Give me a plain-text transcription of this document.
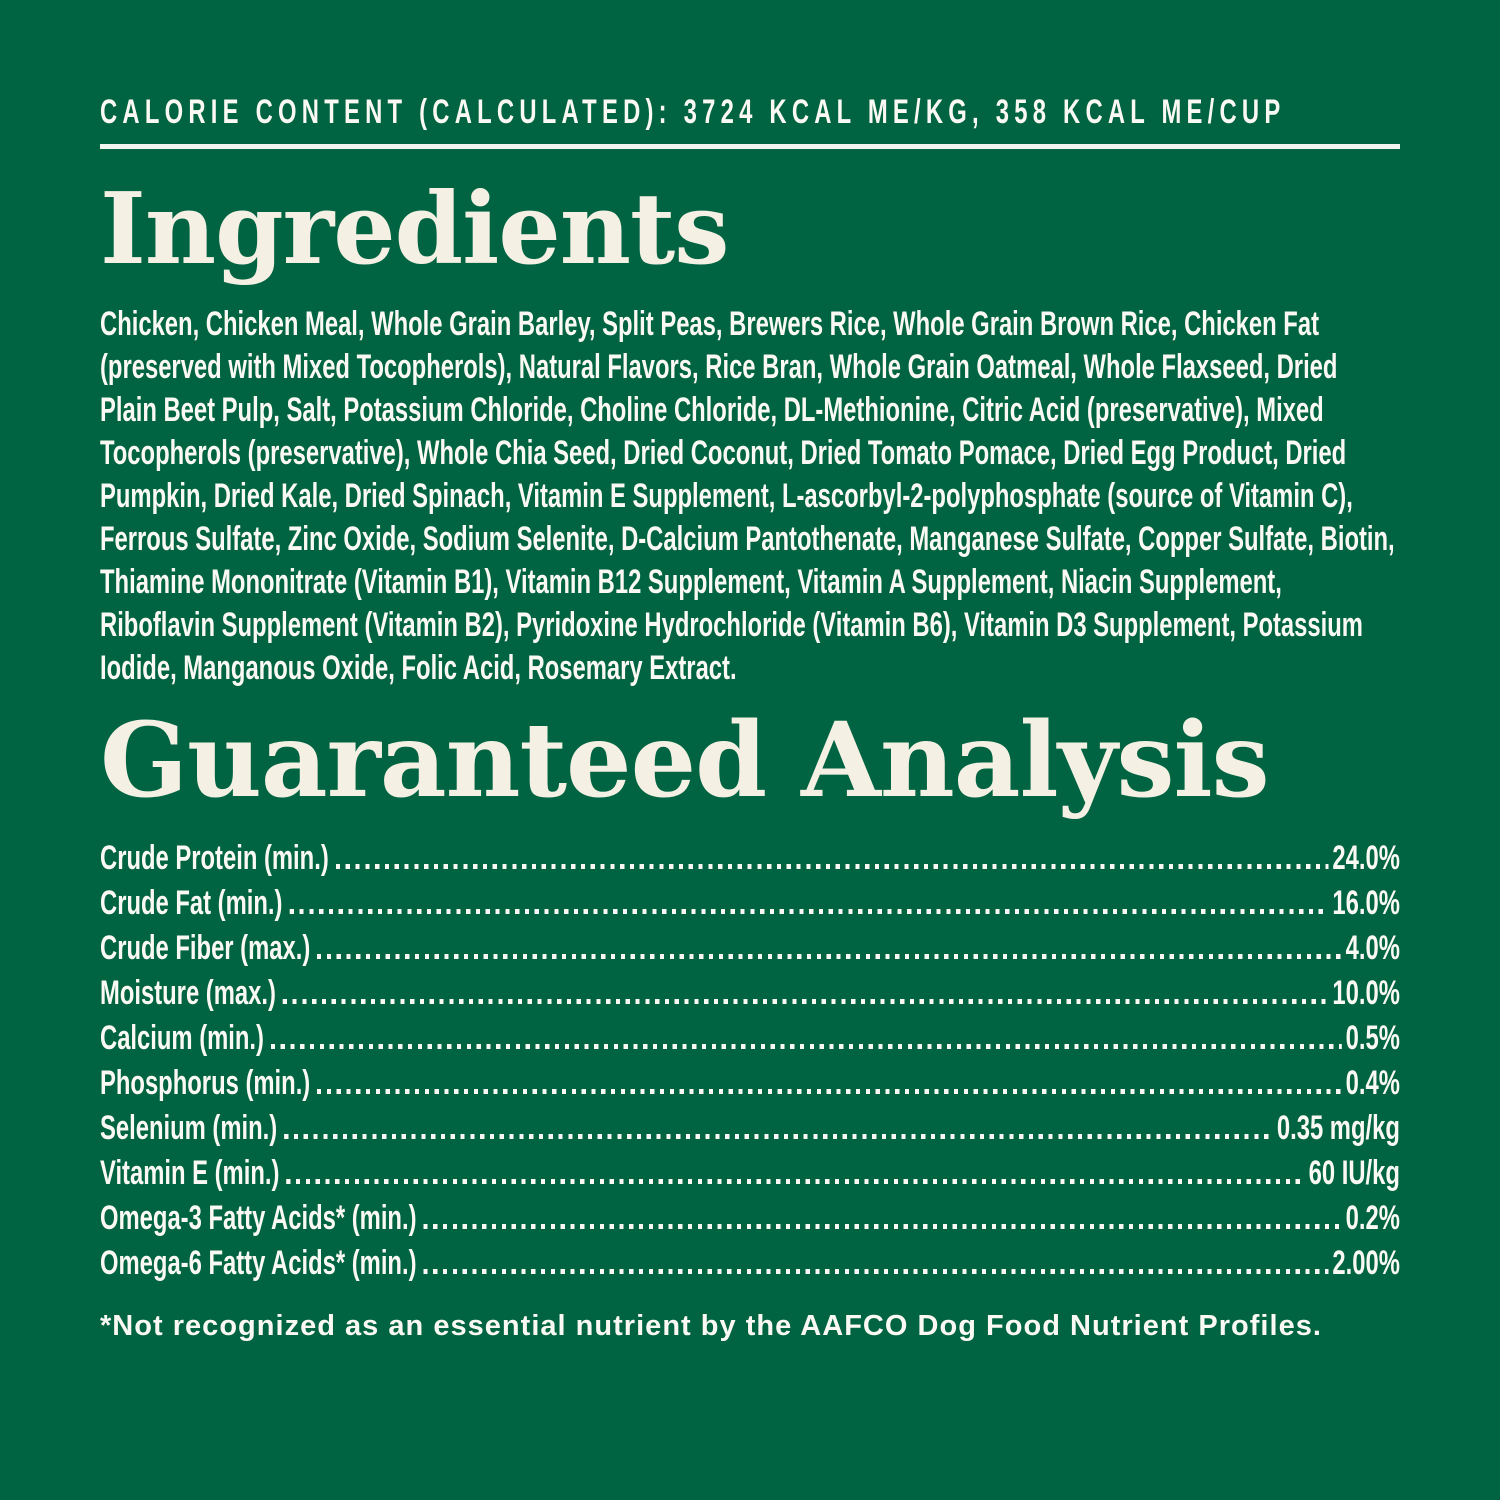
CALORIE CONTENT (CALCULATED): 3724 KCAL ME/KG, 358 KCAL ME/CUP
Ingredients

Chicken, Chicken Meal, Whole Grain Barley, Split Peas, Brewers Rice, Whole Grain Brown Rice, Chicken Fat (preserved with Mixed Tocopherols), Natural Flavors, Rice Bran, Whole Grain Oatmeal, Whole Flaxseed, Dried Plain Beet Pulp, Salt, Potassium Chloride, Choline Chloride, DL-Methionine, Citric Acid (preservative), Mixed Tocopherols (preservative), Whole Chia Seed, Dried Coconut, Dried Tomato Pomace, Dried Egg Product, Dried Pumpkin, Dried Kale, Dried Spinach, Vitamin E Supplement, L-ascorbyl-2-polyphosphate (source of Vitamin C), Ferrous Sulfate, Zinc Oxide, Sodium Selenite, D-Calcium Pantothenate, Manganese Sulfate, Copper Sulfate, Biotin, Thiamine Mononitrate (Vitamin B1), Vitamin B12 Supplement, Vitamin A Supplement, Niacin Supplement, Riboflavin Supplement (Vitamin B2), Pyridoxine Hydrochloride (Vitamin B6), Vitamin D3 Supplement, Potassium Iodide, Manganous Oxide, Folic Acid, Rosemary Extract.

Guaranteed Analysis
Crude Protein (min.)	24.0%
Crude Fat (min.)	16.0%
Crude Fiber (max.)	4.0%
Moisture (max.)	10.0%
Calcium (min.)	0.5%
Phosphorus (min.)	0.4%
Selenium (min.)	0.35 mg/kg
Vitamin E (min.)	60 IU/kg
Omega-3 Fatty Acids* (min.)	0.2%
Omega-6 Fatty Acids* (min.)	2.00%
*Not recognized as an essential nutrient by the AAFCO Dog Food Nutrient Profiles.
